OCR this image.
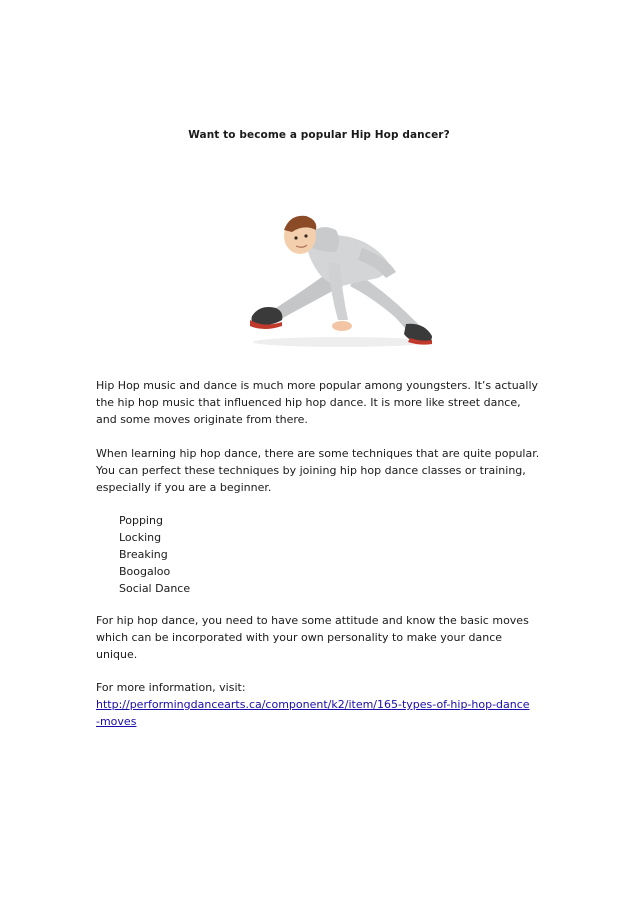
Want to become a popular Hip Hop dancer?
Hip Hop music and dance is much more popular among youngsters. It’s actually
the hip hop music that influenced hip hop dance. It is more like street dance,
and some moves originate from there.
When learning hip hop dance, there are some techniques that are quite popular.
You can perfect these techniques by joining hip hop dance classes or training,
especially if you are a beginner.
Popping
Locking
Breaking
Boogaloo
Social Dance
For hip hop dance, you need to have some attitude and know the basic moves
which can be incorporated with your own personality to make your dance
unique.
For more information, visit:
http://performingdancearts.ca/component/k2/item/165-types-of-hip-hop-dance
-moves
